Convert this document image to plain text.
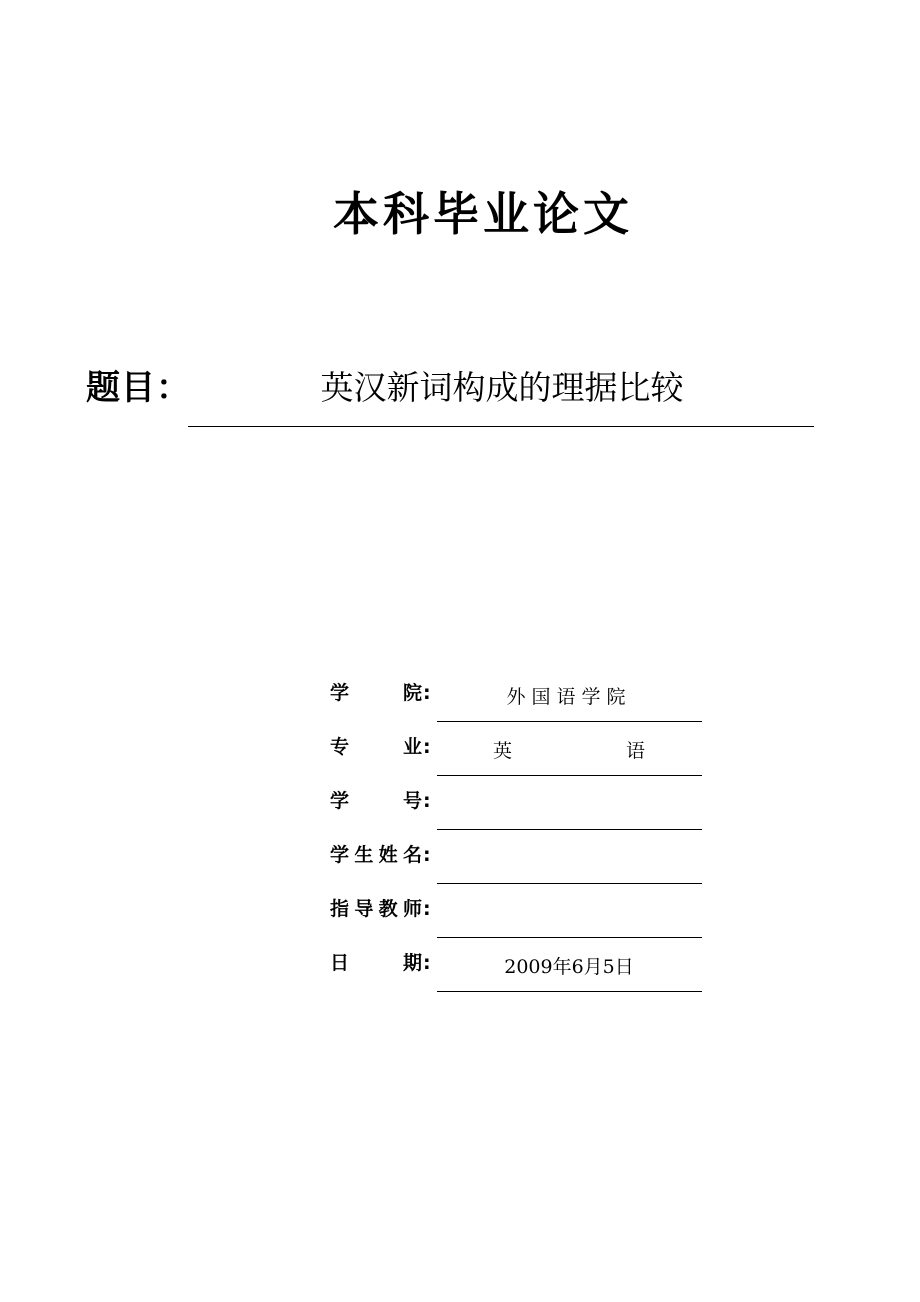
本科毕业论文
题目：	英汉新词构成的理据比较
学院 :	外国语学院
专业 :	英语
学号 :
学生姓名 :
指导教师 :
日期 :	2009年6月5日
